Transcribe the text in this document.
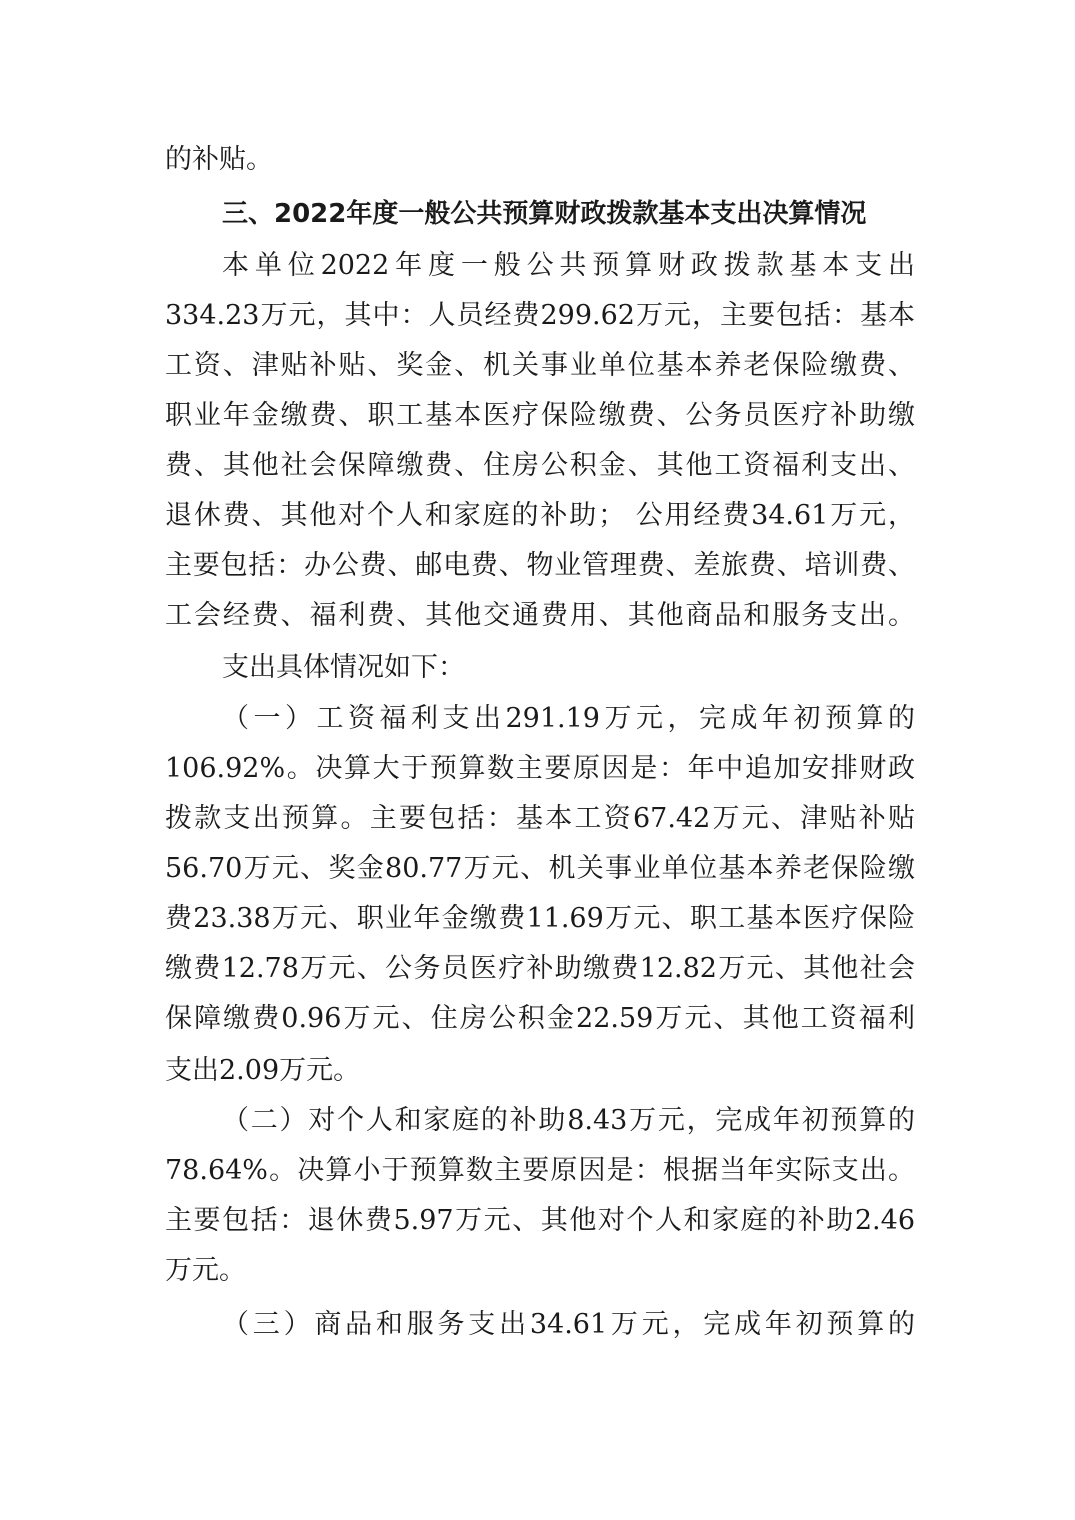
的补贴。
三、2022年度一般公共预算财政拨款基本支出决算情况
本单位2022年度一般公共预算财政拨款基本支出
334.23万元，其中：人员经费299.62万元，主要包括：基本
工资、津贴补贴、奖金、机关事业单位基本养老保险缴费、
职业年金缴费、职工基本医疗保险缴费、公务员医疗补助缴
费、其他社会保障缴费、住房公积金、其他工资福利支出、
退休费、其他对个人和家庭的补助； 公用经费34.61万元，
主要包括：办公费、邮电费、物业管理费、差旅费、培训费、
工会经费、福利费、其他交通费用、其他商品和服务支出。
支出具体情况如下：
（一）工资福利支出291.19万元，完成年初预算的
106.92%。决算大于预算数主要原因是：年中追加安排财政
拨款支出预算。主要包括：基本工资67.42万元、津贴补贴
56.70万元、奖金80.77万元、机关事业单位基本养老保险缴
费23.38万元、职业年金缴费11.69万元、职工基本医疗保险
缴费12.78万元、公务员医疗补助缴费12.82万元、其他社会
保障缴费0.96万元、住房公积金22.59万元、其他工资福利
支出2.09万元。
（二）对个人和家庭的补助8.43万元，完成年初预算的
78.64%。决算小于预算数主要原因是：根据当年实际支出。
主要包括：退休费5.97万元、其他对个人和家庭的补助2.46
万元。
（三）商品和服务支出34.61万元，完成年初预算的
